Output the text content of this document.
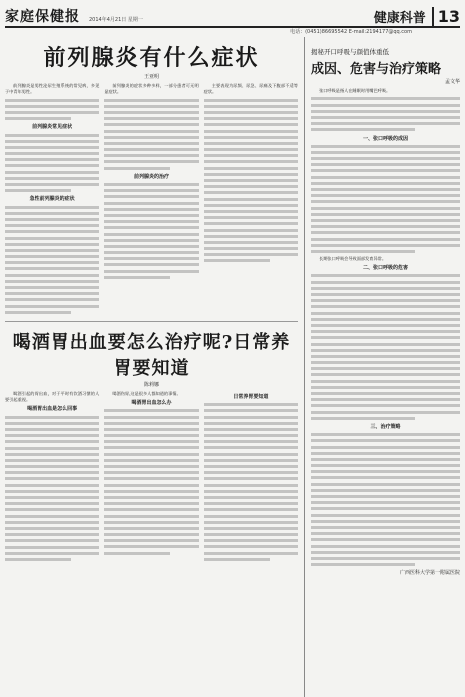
家庭保健报	2014年4月21日 星期一	健康科普 13
电话：(0451)86695542 E-mail:2194177@qq.com
前列腺炎有什么症状
王亚明

前列腺炎是男性泌尿生殖系统的常见病，多见于中青年男性。

前列腺炎常见症状
急性前列腺炎的症状

前列腺炎的症状多种多样，一部分患者可无明显症状。

前列腺炎的治疗

主要表现为尿频、尿急、尿痛及下腹部不适等症状。

喝酒胃出血要怎么治疗呢?日常养胃要知道
陈莉娜

喝酒引起的胃出血，对于平时有饮酒习惯的人要引起重视。

喝酒胃出血是怎么回事

喝酒伤胃,这是很多人都知道的事情。

喝酒胃出血怎么办
日常养胃要知道
揭秘开口呼吸与颜值体重低
成因、危害与治疗策略
孟文华

张口呼吸是指人在睡眠时用嘴巴呼吸。

一、张口呼吸的成因

长期张口呼吸会导致面部发育异常。

二、张口呼吸的危害
三、治疗策略
广西医科大学第一附属医院
